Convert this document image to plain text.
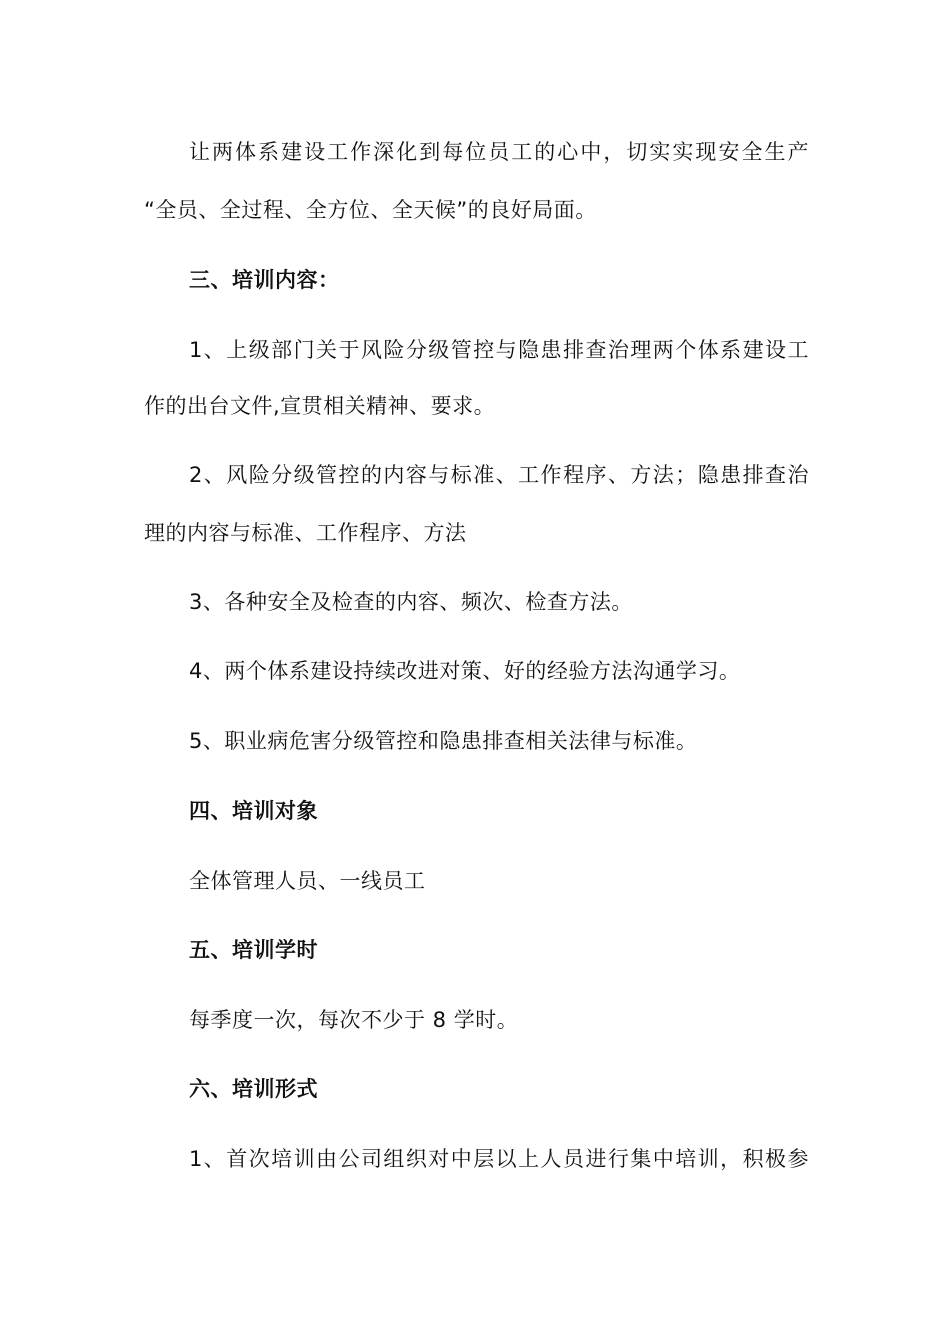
让两体系建设工作深化到每位员工的心中，切实实现安全生产
“全员、全过程、全方位、全天候”的良好局面。
三、培训内容：
1、上级部门关于风险分级管控与隐患排查治理两个体系建设工
作的出台文件,宣贯相关精神、要求。
2、风险分级管控的内容与标准、工作程序、方法；隐患排查治
理的内容与标准、工作程序、方法
3、各种安全及检查的内容、频次、检查方法。
4、两个体系建设持续改进对策、好的经验方法沟通学习。
5、职业病危害分级管控和隐患排查相关法律与标准。
四、培训对象
全体管理人员、一线员工
五、培训学时
每季度一次，每次不少于 8 学时。
六、培训形式
1、首次培训由公司组织对中层以上人员进行集中培训，积极参
